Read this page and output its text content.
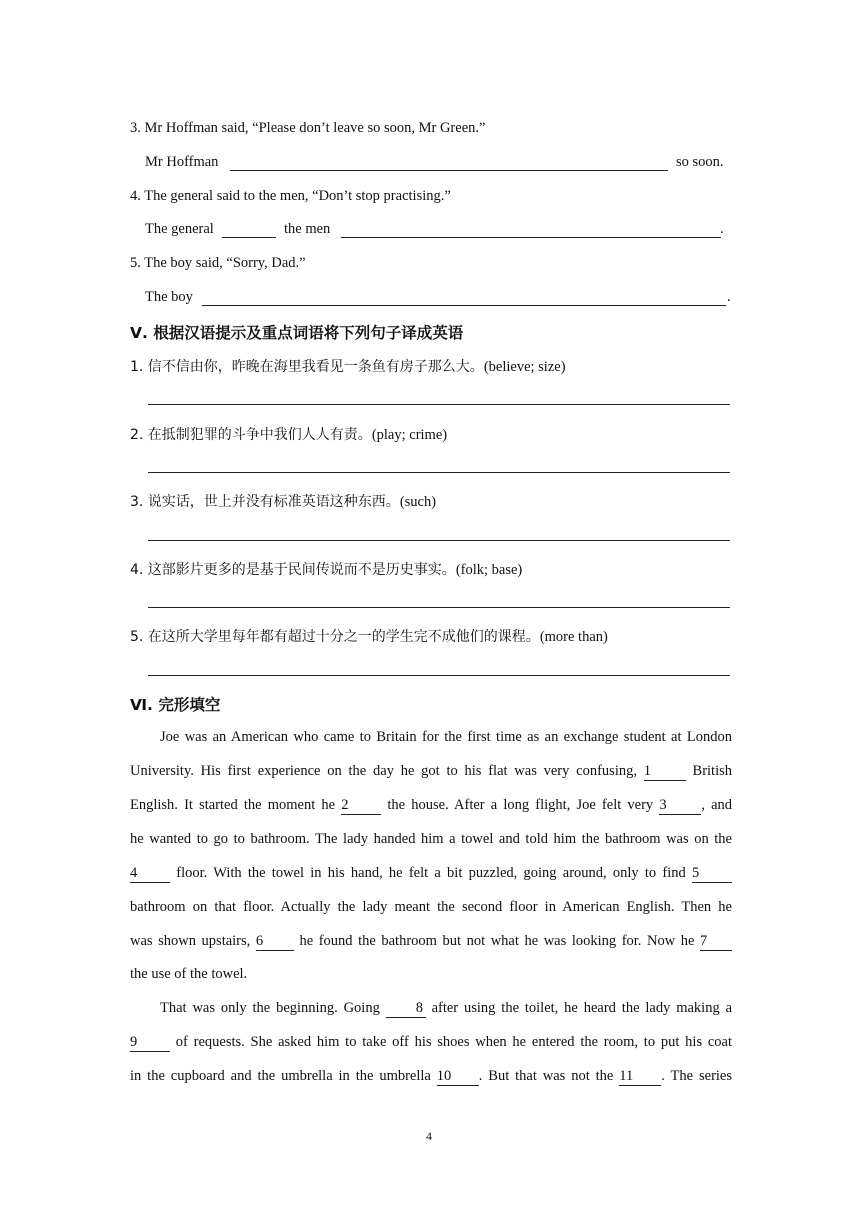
3. Mr Hoffman said, “Please don’t leave so soon, Mr Green.”
Mr Hoffman	so soon.
4. The general said to the men, “Don’t stop practising.”
The general	the men	.
5. The boy said, “Sorry, Dad.”
The boy	.
Ⅴ. 根据汉语提示及重点词语将下列句子译成英语
1. 信不信由你，昨晚在海里我看见一条鱼有房子那么大。(believe; size)
2. 在抵制犯罪的斗争中我们人人有责。(play; crime)
3. 说实话，世上并没有标准英语这种东西。(such)
4. 这部影片更多的是基于民间传说而不是历史事实。(folk; base)
5. 在这所大学里每年都有超过十分之一的学生完不成他们的课程。(more than)
Ⅵ. 完形填空
Joe was an American who came to Britain for the first time as an exchange student at London
University. His first experience on the day he got to his flat was very confusing, 1	British
English. It started the moment he 2	the house. After a long flight, Joe felt very 3 , and
he wanted to go to bathroom. The lady handed him a towel and told him the bathroom was on the
4	floor. With the towel in his hand, he felt a bit puzzled, going around, only to find 5
bathroom on that floor. Actually the lady meant the second floor in American English. Then he
was shown upstairs, 6	he found the bathroom but not what he was looking for. Now he 7
the use of the towel.
That was only the beginning. Going 8 after using the toilet, he heard the lady making a
9	of requests. She asked him to take off his shoes when he entered the room, to put his coat
in the cupboard and the umbrella in the umbrella 10 . But that was not the 11 . The series
4
